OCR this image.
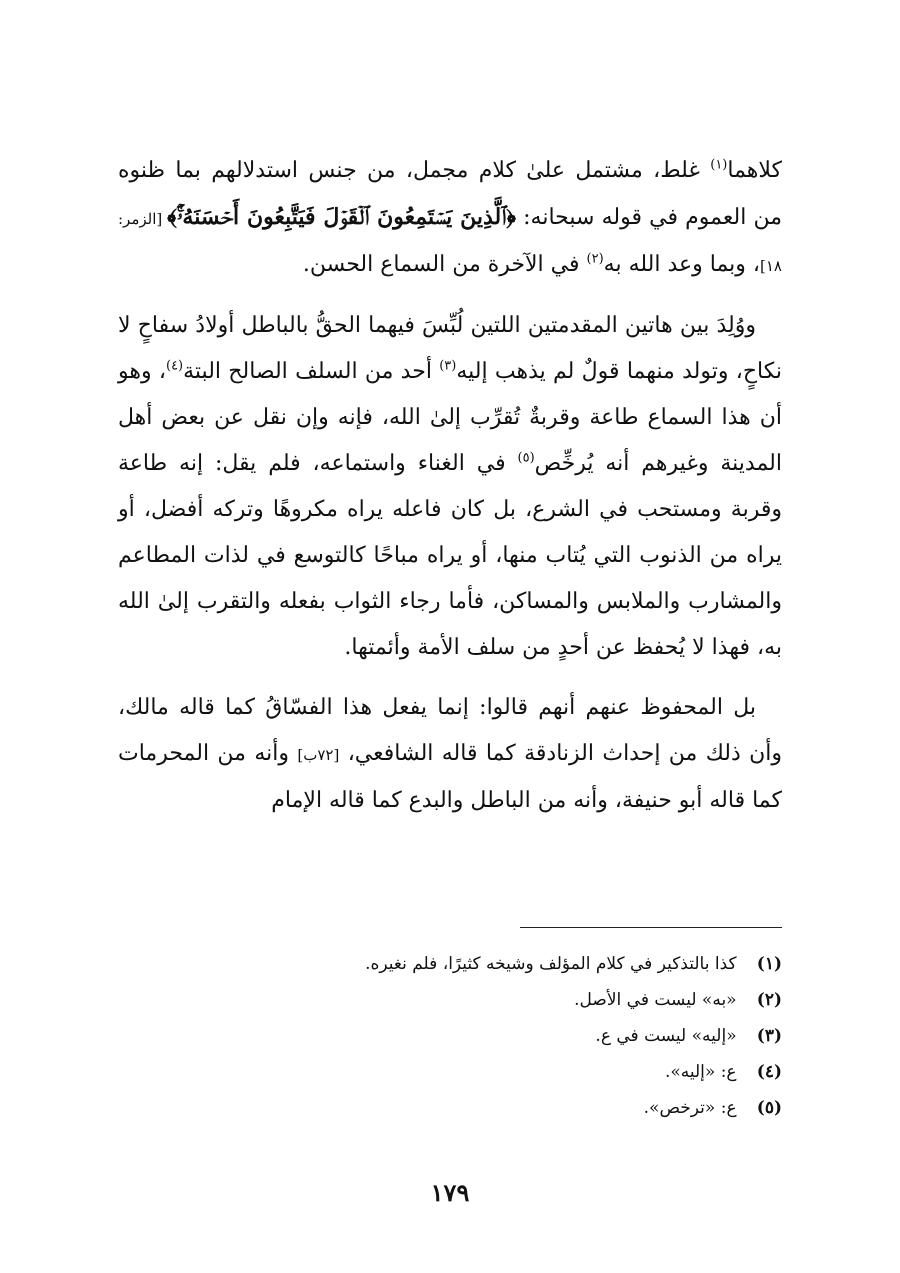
كلاهما$^{(١)}$ غلط، مشتمل علىٰ كلام مجمل، من جنس استدلالهم بما ظنوه من العموم في قوله سبحانه: ﴿ٱلَّذِينَ يَسۡتَمِعُونَ ٱلۡقَوۡلَ فَيَتَّبِعُونَ أَحۡسَنَهُۥٓۚ﴾ [الزمر: ١٨]، وبما وعد الله به$^{(٢)}$ في الآخرة من السماع الحسن.

ووُلِدَ بين هاتين المقدمتين اللتين لُبِّسَ فيهما الحقُّ بالباطل أولادُ سفاحٍ لا نكاحٍ، وتولد منهما قولٌ لم يذهب إليه$^{(٣)}$ أحد من السلف الصالح البتة$^{(٤)}$، وهو أن هذا السماع طاعة وقربةٌ تُقرِّب إلىٰ الله، فإنه وإن نقل عن بعض أهل المدينة وغيرهم أنه يُرخِّص$^{(٥)}$ في الغناء واستماعه، فلم يقل: إنه طاعة وقربة ومستحب في الشرع، بل كان فاعله يراه مكروهًا وتركه أفضل، أو يراه من الذنوب التي يُتاب منها، أو يراه مباحًا كالتوسع في لذات المطاعم والمشارب والملابس والمساكن، فأما رجاء الثواب بفعله والتقرب إلىٰ الله به، فهذا لا يُحفظ عن أحدٍ من سلف الأمة وأئمتها.

بل المحفوظ عنهم أنهم قالوا: إنما يفعل هذا الفسّاقُ كما قاله مالك، وأن ذلك من إحداث الزنادقة كما قاله الشافعي، [٧٢ب] وأنه من المحرمات كما قاله أبو حنيفة، وأنه من الباطل والبدع كما قاله الإمام

(١) كذا بالتذكير في كلام المؤلف وشيخه كثيرًا، فلم نغيره.
(٢) «به» ليست في الأصل.
(٣) «إليه» ليست في ع.
(٤) ع: «إليه».
(٥) ع: «ترخص».
١٧٩
